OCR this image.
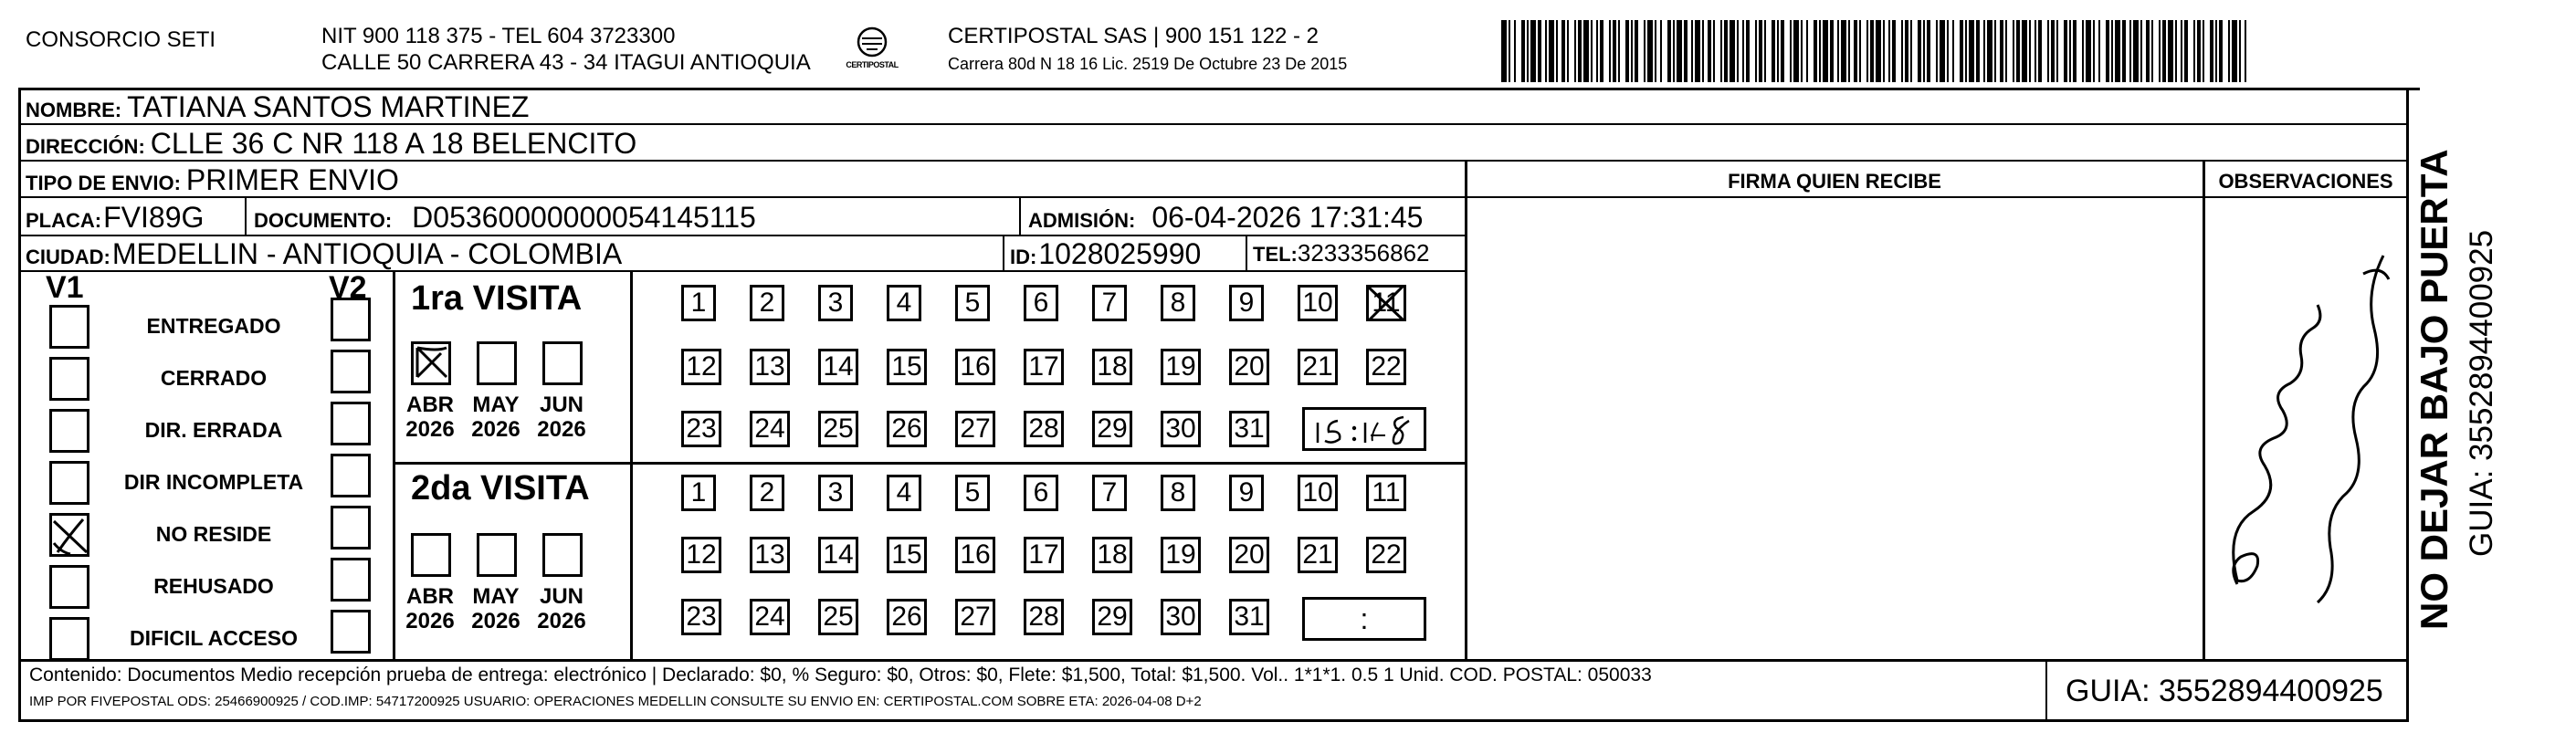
CONSORCIO SETI	NIT 900 118 375 - TEL 604 3723300
CALLE 50 CARRERA 43 - 34 ITAGUI ANTIOQUIA	CERTIPOSTAL
CERTIPOSTAL SAS | 900 151 122 - 2
Carrera 80d N 18 16 Lic. 2519 De Octubre 23 De 2015
NOMBRE: TATIANA SANTOS MARTINEZ
DIRECCIÓN: CLLE 36 C NR 118 A 18 BELENCITO
TIPO DE ENVIO: PRIMER ENVIO
PLACA: FVI89G DOCUMENTO: D05360000000054145115	ADMISIÓN: 06-04-2026 17:31:45
CIUDAD: MEDELLIN - ANTIOQUIA - COLOMBIA	ID: 1028025990	TEL: 3233356862
FIRMA QUIEN RECIBE	OBSERVACIONES
V1	V2
ENTREGADO
CERRADO
DIR. ERRADA
DIR INCOMPLETA
NO RESIDE
REHUSADO
DIFICIL ACCESO
1ra VISITA
2da VISITA
ABR
2026
MAY
2026
JUN
2026
ABR
2026
MAY
2026
JUN
2026
1	2	3	4	5	6	7	8	9	10 11
12 13 14 15 16 17 18 19 20 21 22
23 24 25 26 27 28 29 30 31
1	2	3	4	5	6	7	8	9	10 11
12 13 14 15 16 17 18 19 20 21 22
23 24 25 26 27 28 29 30 31	:	NO DEJAR BAJO PUERTA GUIA: 3552894400925
Contenido: Documentos Medio recepción prueba de entrega: electrónico | Declarado: $0, % Seguro: $0, Otros: $0, Flete: $1,500, Total: $1,500. Vol.. 1*1*1. 0.5 1 Unid. COD. POSTAL: 050033
IMP POR FIVEPOSTAL ODS: 25466900925 / COD.IMP: 54717200925 USUARIO: OPERACIONES MEDELLIN CONSULTE SU ENVIO EN: CERTIPOSTAL.COM SOBRE ETA: 2026-04-08 D+2	GUIA: 3552894400925
